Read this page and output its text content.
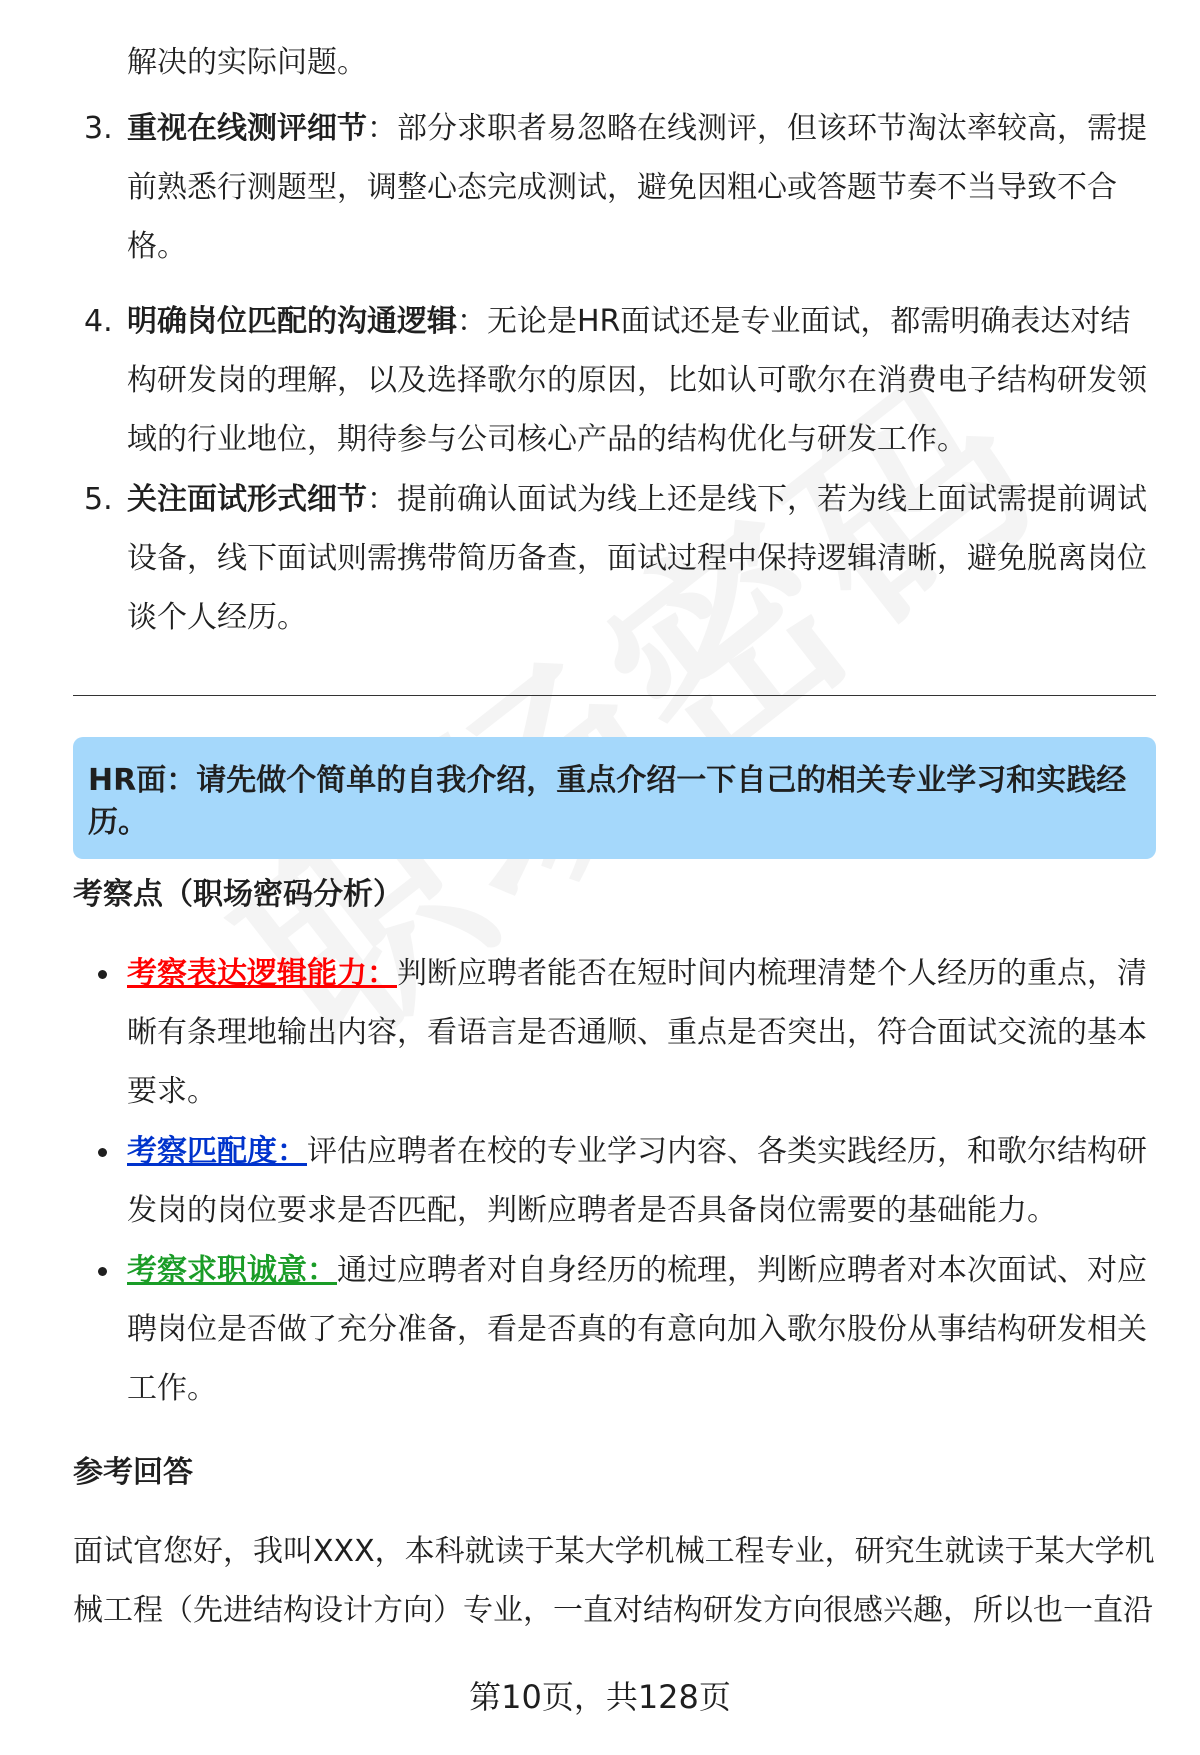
解决的实际问题。
3. 重视在线测评细节：部分求职者易忽略在线测评，但该环节淘汰率较高，需提前熟悉行测题型，调整心态完成测试，避免因粗心或答题节奏不当导致不合格。
4. 明确岗位匹配的沟通逻辑：无论是HR面试还是专业面试，都需明确表达对结构研发岗的理解，以及选择歌尔的原因，比如认可歌尔在消费电子结构研发领域的行业地位，期待参与公司核心产品的结构优化与研发工作。
5. 关注面试形式细节：提前确认面试为线上还是线下，若为线上面试需提前调试设备，线下面试则需携带简历备查，面试过程中保持逻辑清晰，避免脱离岗位谈个人经历。
HR面：请先做个简单的自我介绍，重点介绍一下自己的相关专业学习和实践经历。
考察点（职场密码分析）
考察表达逻辑能力：判断应聘者能否在短时间内梳理清楚个人经历的重点，清晰有条理地输出内容，看语言是否通顺、重点是否突出，符合面试交流的基本要求。
考察匹配度：评估应聘者在校的专业学习内容、各类实践经历，和歌尔结构研发岗的岗位要求是否匹配，判断应聘者是否具备岗位需要的基础能力。
考察求职诚意：通过应聘者对自身经历的梳理，判断应聘者对本次面试、对应聘岗位是否做了充分准备，看是否真的有意向加入歌尔股份从事结构研发相关工作。
参考回答
面试官您好，我叫XXX，本科就读于某大学机械工程专业，研究生就读于某大学机械工程（先进结构设计方向）专业，一直对结构研发方向很感兴趣，所以也一直沿
第10页，共128页
